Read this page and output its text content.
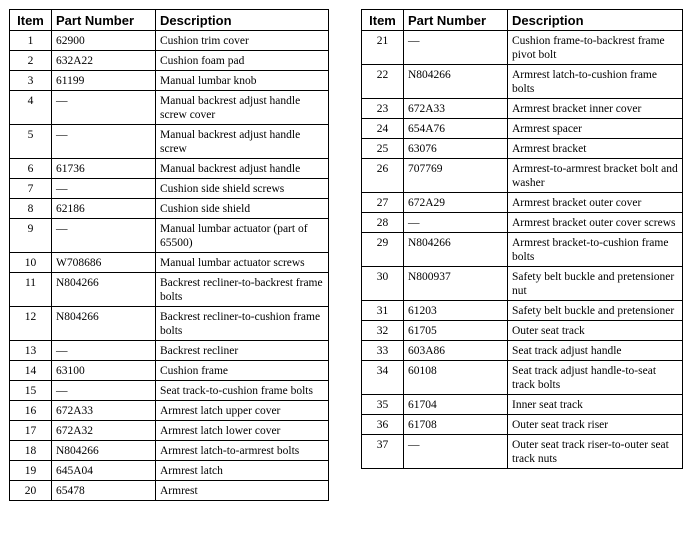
Item	Part Number	Description
1	62900	Cushion trim cover
2	632A22	Cushion foam pad
3	61199	Manual lumbar knob
4	—	Manual backrest adjust handle screw cover
5	—	Manual backrest adjust handle screw
6	61736	Manual backrest adjust handle
7	—	Cushion side shield screws
8	62186	Cushion side shield
9	—	Manual lumbar actuator (part of 65500)
10	W708686	Manual lumbar actuator screws
11	N804266	Backrest recliner-to-backrest frame bolts
12	N804266	Backrest recliner-to-cushion frame bolts
13	—	Backrest recliner
14	63100	Cushion frame
15	—	Seat track-to-cushion frame bolts
16	672A33	Armrest latch upper cover
17	672A32	Armrest latch lower cover
18	N804266	Armrest latch-to-armrest bolts
19	645A04	Armrest latch
20	65478	Armrest
Item	Part Number	Description
21	—	Cushion frame-to-backrest frame pivot bolt
22	N804266	Armrest latch-to-cushion frame bolts
23	672A33	Armrest bracket inner cover
24	654A76	Armrest spacer
25	63076	Armrest bracket
26	707769	Armrest-to-armrest bracket bolt and washer
27	672A29	Armrest bracket outer cover
28	—	Armrest bracket outer cover screws
29	N804266	Armrest bracket-to-cushion frame bolts
30	N800937	Safety belt buckle and pretensioner nut
31	61203	Safety belt buckle and pretensioner
32	61705	Outer seat track
33	603A86	Seat track adjust handle
34	60108	Seat track adjust handle-to-seat track bolts
35	61704	Inner seat track
36	61708	Outer seat track riser
37	—	Outer seat track riser-to-outer seat track nuts
